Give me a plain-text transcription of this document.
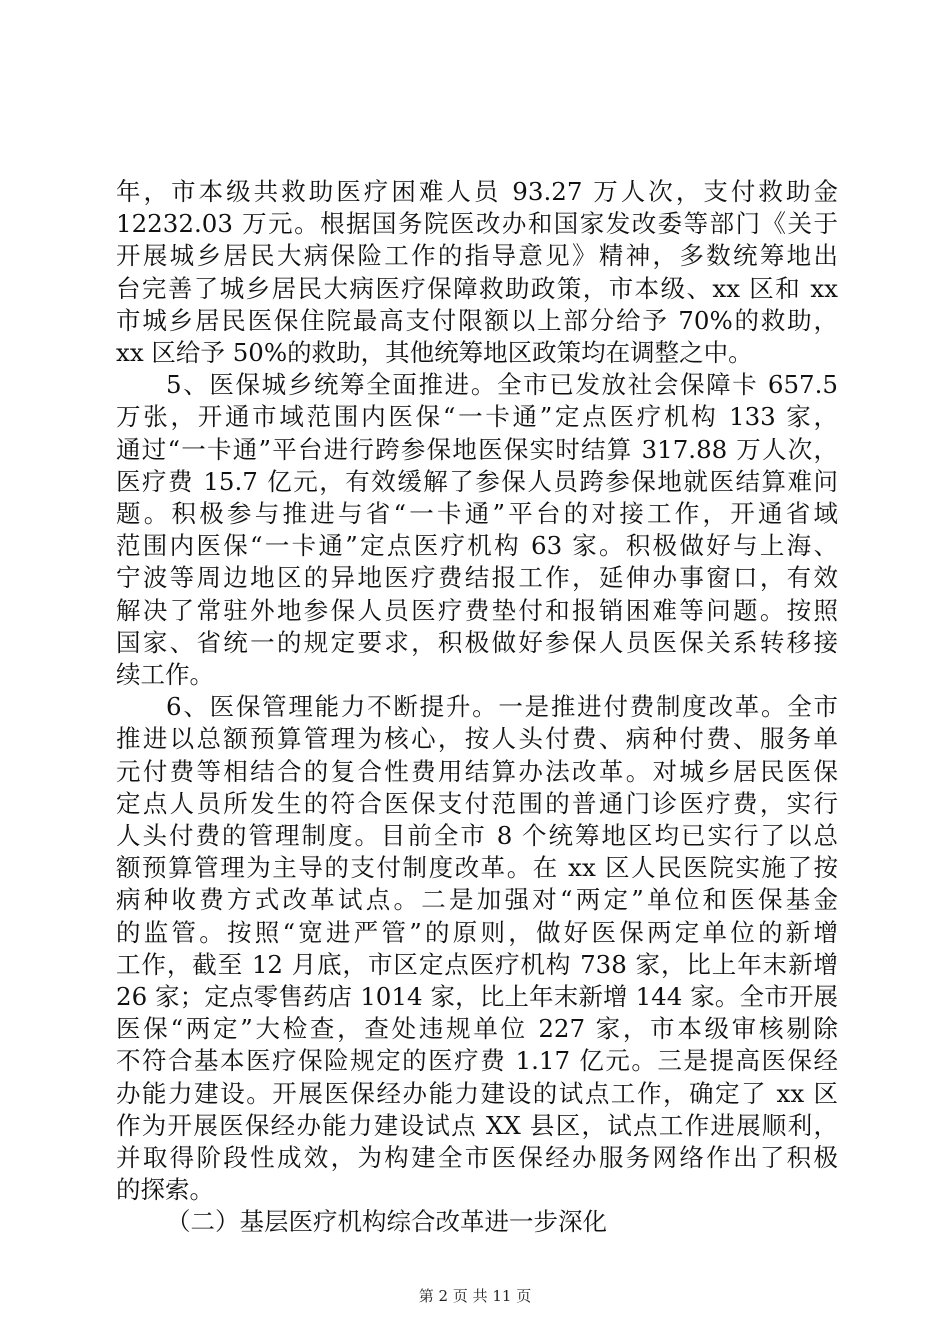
年，市本级共救助医疗困难人员 93.27 万人次，支付救助金
12232.03 万元。根据国务院医改办和国家发改委等部门《关于
开展城乡居民大病保险工作的指导意见》精神，多数统筹地出
台完善了城乡居民大病医疗保障救助政策，市本级、xx 区和 xx
市城乡居民医保住院最高支付限额以上部分给予 70%的救助，
xx 区给予 50%的救助，其他统筹地区政策均在调整之中。
5、医保城乡统筹全面推进。全市已发放社会保障卡 657.5
万张，开通市域范围内医保“一卡通”定点医疗机构 133 家，
通过“一卡通”平台进行跨参保地医保实时结算 317.88 万人次，
医疗费 15.7 亿元，有效缓解了参保人员跨参保地就医结算难问
题。积极参与推进与省“一卡通”平台的对接工作，开通省域
范围内医保“一卡通”定点医疗机构 63 家。积极做好与上海、
宁波等周边地区的异地医疗费结报工作，延伸办事窗口，有效
解决了常驻外地参保人员医疗费垫付和报销困难等问题。按照
国家、省统一的规定要求，积极做好参保人员医保关系转移接
续工作。
6、医保管理能力不断提升。一是推进付费制度改革。全市
推进以总额预算管理为核心，按人头付费、病种付费、服务单
元付费等相结合的复合性费用结算办法改革。对城乡居民医保
定点人员所发生的符合医保支付范围的普通门诊医疗费，实行
人头付费的管理制度。目前全市 8 个统筹地区均已实行了以总
额预算管理为主导的支付制度改革。在 xx 区人民医院实施了按
病种收费方式改革试点。二是加强对“两定”单位和医保基金
的监管。按照“宽进严管”的原则，做好医保两定单位的新增
工作，截至 12 月底，市区定点医疗机构 738 家，比上年末新增
26 家；定点零售药店 1014 家，比上年末新增 144 家。全市开展
医保“两定”大检查，查处违规单位 227 家，市本级审核剔除
不符合基本医疗保险规定的医疗费 1.17 亿元。三是提高医保经
办能力建设。开展医保经办能力建设的试点工作，确定了 xx 区
作为开展医保经办能力建设试点 XX 县区，试点工作进展顺利，
并取得阶段性成效，为构建全市医保经办服务网络作出了积极
的探索。
（二）基层医疗机构综合改革进一步深化
第 2 页 共 11 页
